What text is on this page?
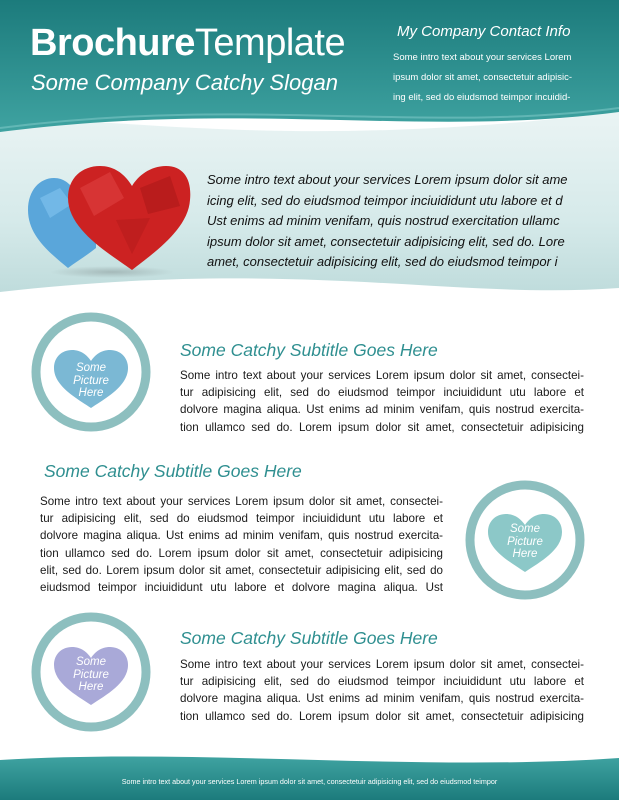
BrochureTemplate
Some Company Catchy Slogan
My Company Contact Info
Some intro text about your services Lorem
ipsum dolor sit amet, consectetuir adipisic-
ing elit, sed do eiudsmod teimpor incuidid-
Some intro text about your services Lorem ipsum dolor sit ame
icing elit, sed do eiudsmod teimpor inciuididunt utu labore et d
Ust enims ad minim venifam, quis nostrud exercitation ullamc
ipsum dolor sit amet, consectetuir adipisicing elit, sed do. Lore
amet, consectetuir adipisicing elit, sed do eiudsmod teimpor i
Some
Picture
Here
Some Catchy Subtitle Goes Here
Some intro text about your services Lorem ipsum dolor sit amet, consectei-
tur adipisicing elit, sed do eiudsmod teimpor inciuididunt utu labore et
dolvore magina aliqua. Ust enims ad minim venifam, quis nostrud exercita-
tion ullamco sed do. Lorem ipsum dolor sit amet, consectetuir adipisicing
Some Catchy Subtitle Goes Here
Some intro text about your services Lorem ipsum dolor sit amet, consectei-
tur adipisicing elit, sed do eiudsmod teimpor inciuididunt utu labore et
dolvore magina aliqua. Ust enims ad minim venifam, quis nostrud exercita-
tion ullamco sed do. Lorem ipsum dolor sit amet, consectetuir adipisicing
elit, sed do. Lorem ipsum dolor sit amet, consectetuir adipisicing elit, sed do
eiudsmod teimpor inciuididunt utu labore et dolvore magina aliqua. Ust
Some
Picture
Here
Some
Picture
Here
Some Catchy Subtitle Goes Here
Some intro text about your services Lorem ipsum dolor sit amet, consectei-
tur adipisicing elit, sed do eiudsmod teimpor inciuididunt utu labore et
dolvore magina aliqua. Ust enims ad minim venifam, quis nostrud exercita-
tion ullamco sed do. Lorem ipsum dolor sit amet, consectetuir adipisicing
Some intro text about your services Lorem ipsum dolor sit amet, consectetuir adipisicing elit, sed do eiudsmod teimpor
